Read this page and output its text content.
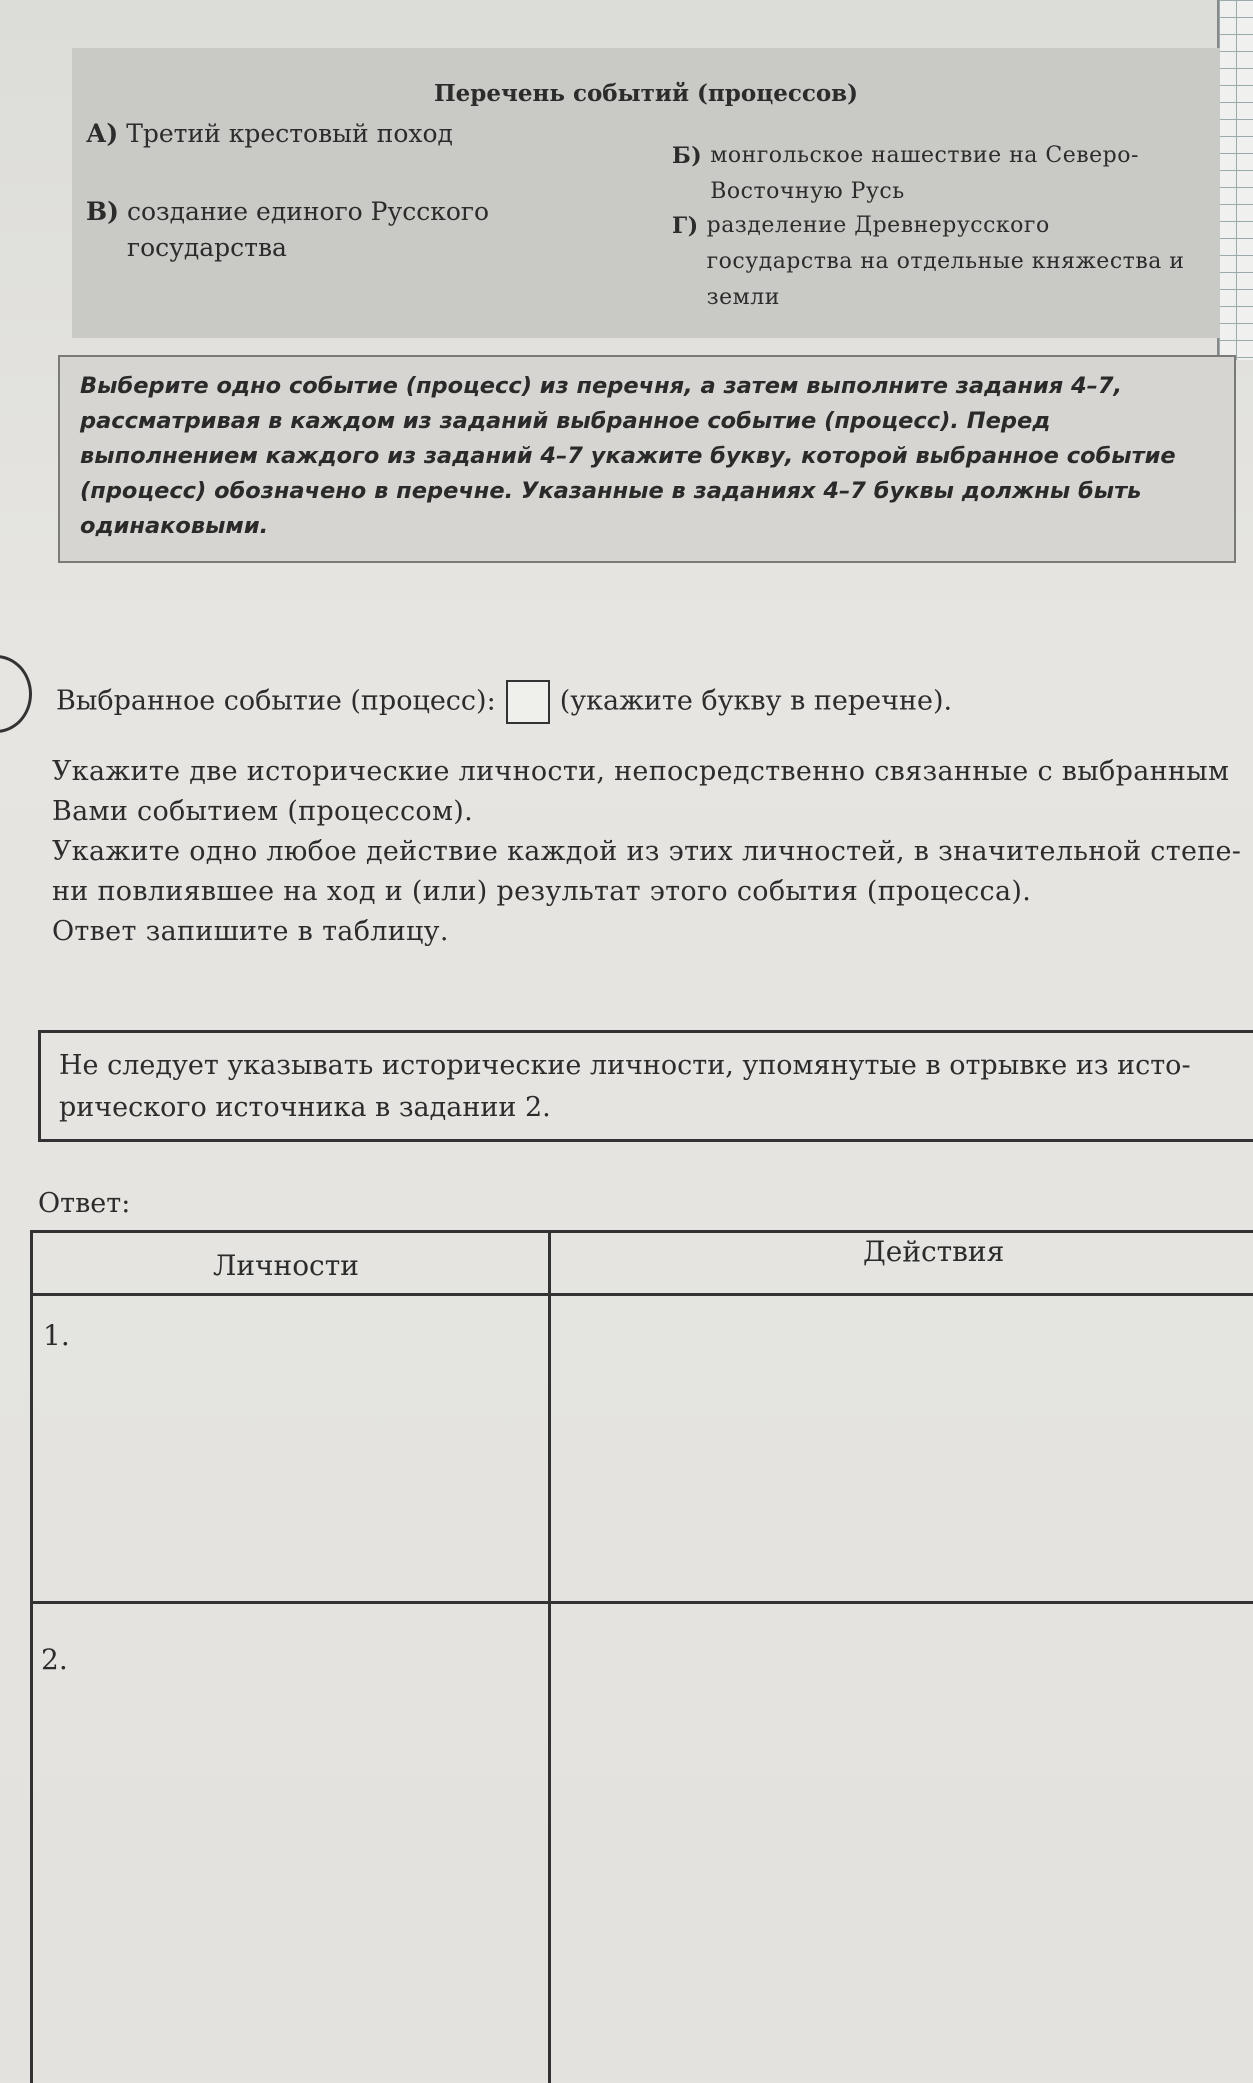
Перечень событий (процессов)
А) Третий крестовый поход
В) создание единого Русского государства
Б) монгольское нашествие на Северо-Восточную Русь
Г) разделение Древнерусского государства на отдельные княжества и земли
Выберите одно событие (процесс) из перечня, а затем выполните задания 4–7, рассматривая в каждом из заданий выбранное событие (процесс). Перед выполнением каждого из заданий 4–7 укажите букву, которой выбранное событие (процесс) обозначено в перечне. Указанные в заданиях 4–7 буквы должны быть одинаковыми.
Выбранное событие (процесс): (укажите букву в перечне).
Укажите две исторические личности, непосредственно связанные с выбранным
Вами событием (процессом).
Укажите одно любое действие каждой из этих личностей, в значительной степе-
ни повлиявшее на ход и (или) результат этого события (процесса).
Ответ запишите в таблицу.
Не следует указывать исторические личности, упомянутые в отрывке из исто-
рического источника в задании 2.
Ответ:
Личности	Действия
1.
2.
